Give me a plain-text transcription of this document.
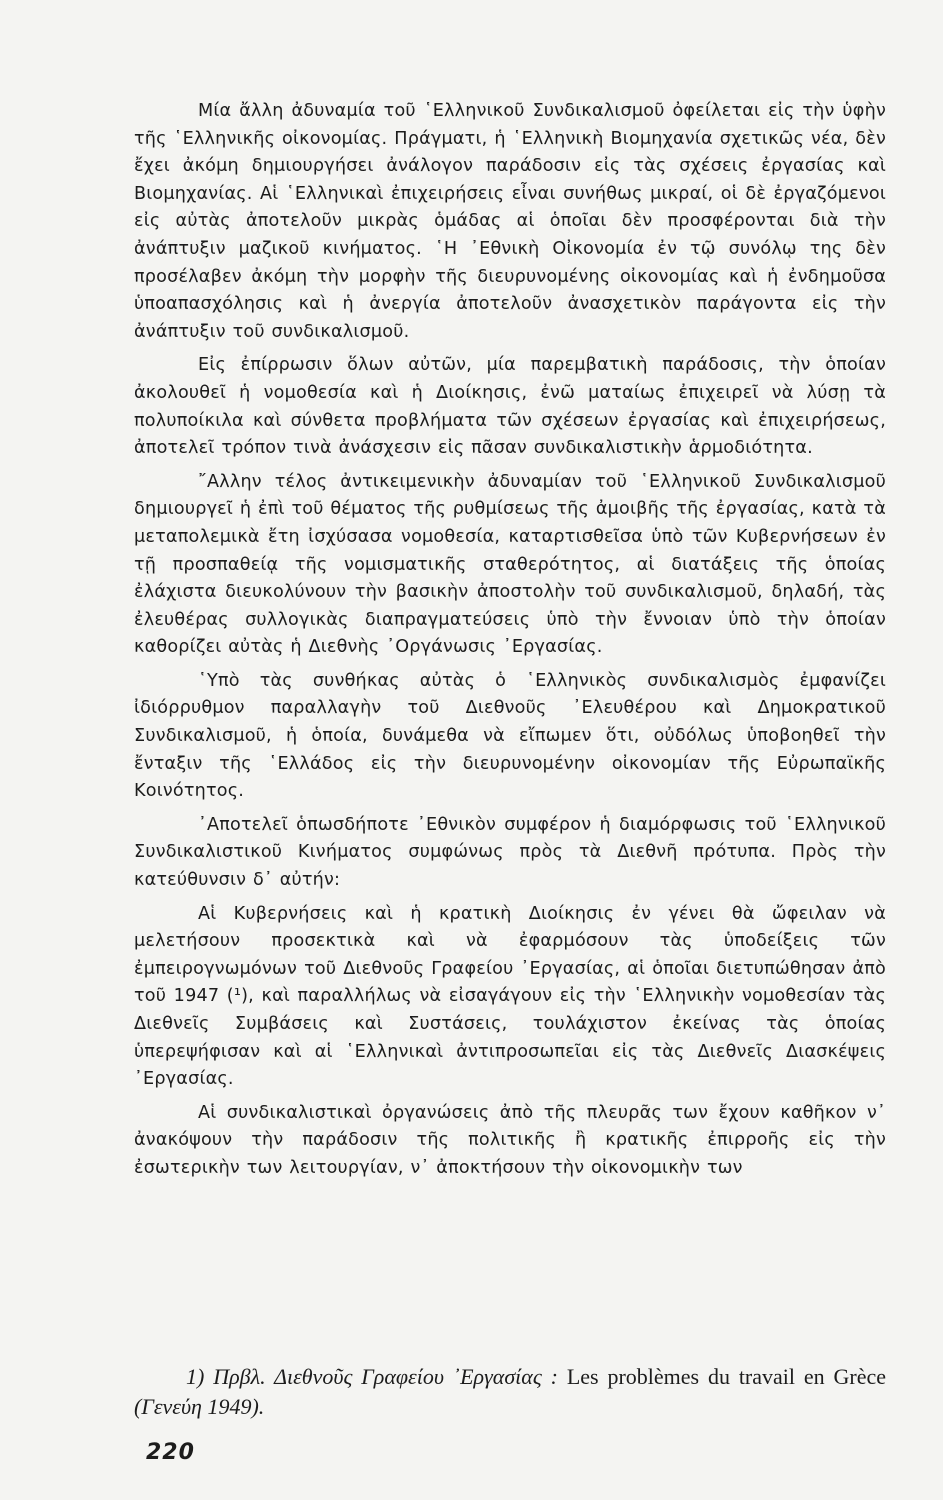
Μία ἄλλη ἀδυναμία τοῦ ῾Ελληνικοῦ Συνδικαλισμοῦ ὀφείλεται εἰς τὴν ὑφὴν τῆς ῾Ελληνικῆς οἰκονομίας. Πράγματι, ἡ ῾Ελληνικὴ Βιομηχανία σχετικῶς νέα, δὲν ἔχει ἀκόμη δημιουργήσει ἀνάλογον παράδοσιν εἰς τὰς σχέσεις ἐργασίας καὶ Βιομηχανίας. Αἱ ῾Ελληνικαὶ ἐπιχειρήσεις εἶναι συνήθως μικραί, οἱ δὲ ἐργαζόμενοι εἰς αὐτὰς ἀποτελοῦν μικρὰς ὁμάδας αἱ ὁποῖαι δὲν προσφέρονται διὰ τὴν ἀνάπτυξιν μαζικοῦ κινήματος. ῾Η ᾿Εθνικὴ Οἰκονομία ἐν τῷ συνόλῳ της δὲν προσέλαβεν ἀκόμη τὴν μορφὴν τῆς διευρυνομένης οἰκονομίας καὶ ἡ ἐνδημοῦσα ὑποαπασχόλησις καὶ ἡ ἀνεργία ἀποτελοῦν ἀνασχετικὸν παράγοντα εἰς τὴν ἀνάπτυξιν τοῦ συνδικαλισμοῦ.

Εἰς ἐπίρρωσιν ὅλων αὐτῶν, μία παρεμβατικὴ παράδοσις, τὴν ὁποίαν ἀκολουθεῖ ἡ νομοθεσία καὶ ἡ Διοίκησις, ἐνῶ ματαίως ἐπιχειρεῖ νὰ λύσῃ τὰ πολυποίκιλα καὶ σύνθετα προβλήματα τῶν σχέσεων ἐργασίας καὶ ἐπιχειρήσεως, ἀποτελεῖ τρόπον τινὰ ἀνάσχεσιν εἰς πᾶσαν συνδικαλιστικὴν ἁρμοδιότητα.

῎Αλλην τέλος ἀντικειμενικὴν ἀδυναμίαν τοῦ ῾Ελληνικοῦ Συνδικαλισμοῦ δημιουργεῖ ἡ ἐπὶ τοῦ θέματος τῆς ρυθμίσεως τῆς ἀμοιβῆς τῆς ἐργασίας, κατὰ τὰ μεταπολεμικὰ ἔτη ἰσχύσασα νομοθεσία, καταρτισθεῖσα ὑπὸ τῶν Κυβερνήσεων ἐν τῇ προσπαθείᾳ τῆς νομισματικῆς σταθερότητος, αἱ διατάξεις τῆς ὁποίας ἐλάχιστα διευκολύνουν τὴν βασικὴν ἀποστολὴν τοῦ συνδικαλισμοῦ, δηλαδή, τὰς ἐλευθέρας συλλογικὰς διαπραγματεύσεις ὑπὸ τὴν ἔννοιαν ὑπὸ τὴν ὁποίαν καθορίζει αὐτὰς ἡ Διεθνὴς ᾿Οργάνωσις ᾿Εργασίας.

῾Υπὸ τὰς συνθήκας αὐτὰς ὁ ῾Ελληνικὸς συνδικαλισμὸς ἐμφανίζει ἰδιόρρυθμον παραλλαγὴν τοῦ Διεθνοῦς ᾿Ελευθέρου καὶ Δημοκρατικοῦ Συνδικαλισμοῦ, ἡ ὁποία, δυνάμεθα νὰ εἴπωμεν ὅτι, οὐδόλως ὑποβοηθεῖ τὴν ἔνταξιν τῆς ῾Ελλάδος εἰς τὴν διευρυνομένην οἰκονομίαν τῆς Εὐρωπαϊκῆς Κοινότητος.

᾿Αποτελεῖ ὁπωσδήποτε ᾿Εθνικὸν συμφέρον ἡ διαμόρφωσις τοῦ ῾Ελληνικοῦ Συνδικαλιστικοῦ Κινήματος συμφώνως πρὸς τὰ Διεθνῆ πρότυπα. Πρὸς τὴν κατεύθυνσιν δ᾿ αὐτήν:

Αἱ Κυβερνήσεις καὶ ἡ κρατικὴ Διοίκησις ἐν γένει θὰ ὤφειλαν νὰ μελετήσουν προσεκτικὰ καὶ νὰ ἐφαρμόσουν τὰς ὑποδείξεις τῶν ἐμπειρογνωμόνων τοῦ Διεθνοῦς Γραφείου ᾿Εργασίας, αἱ ὁποῖαι διετυπώθησαν ἀπὸ τοῦ 1947 (¹), καὶ παραλλήλως νὰ εἰσαγάγουν εἰς τὴν ῾Ελληνικὴν νομοθεσίαν τὰς Διεθνεῖς Συμβάσεις καὶ Συστάσεις, τουλάχιστον ἐκείνας τὰς ὁποίας ὑπερεψήφισαν καὶ αἱ ῾Ελληνικαὶ ἀντιπροσωπεῖαι εἰς τὰς Διεθνεῖς Διασκέψεις ᾿Εργασίας.

Αἱ συνδικαλιστικαὶ ὀργανώσεις ἀπὸ τῆς πλευρᾶς των ἔχουν καθῆκον ν᾿ ἀνακόψουν τὴν παράδοσιν τῆς πολιτικῆς ἢ κρατικῆς ἐπιρροῆς εἰς τὴν ἐσωτερικὴν των λειτουργίαν, ν᾿ ἀποκτήσουν τὴν οἰκονομικὴν των

1) Πρβλ. Διεθνοῦς Γραφείου ᾿Εργασίας : Les problèmes du travail en Grèce (Γενεύη 1949).
220
